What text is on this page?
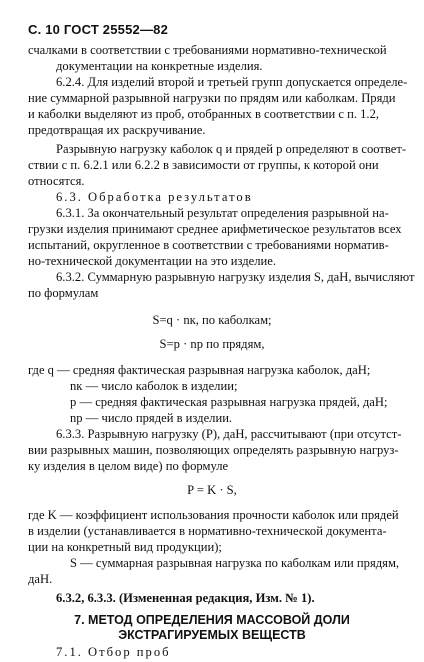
С. 10 ГОСТ 25552—82
счалками в соответствии с требованиями нормативно-технической
документации на конкретные изделия.
6.2.4. Для изделий второй и третьей групп допускается определе-
ние суммарной разрывной нагрузки по прядям или каболкам. Пряди
и каболки выделяют из проб, отобранных в соответствии с п. 1.2,
предотвращая их раскручивание.
Разрывную нагрузку каболок q и прядей p определяют в соответ-
ствии с п. 6.2.1 или 6.2.2 в зависимости от группы, к которой они
относятся.
6.3. Обработка результатов
6.3.1. За окончательный результат определения разрывной на-
грузки изделия принимают среднее арифметическое результатов всех
испытаний, округленное в соответствии с требованиями норматив-
но-технической документации на это изделие.
6.3.2. Суммарную разрывную нагрузку изделия S, даН, вычисляют
по формулам
S=q · nк, по каболкам;
S=p · nр по прядям,
где q — средняя фактическая разрывная нагрузка каболок, даН;
nк — число каболок в изделии;
p — средняя фактическая разрывная нагрузка прядей, даН;
nр — число прядей в изделии.
6.3.3. Разрывную нагрузку (P), даН, рассчитывают (при отсутст-
вии разрывных машин, позволяющих определять разрывную нагруз-
ку изделия в целом виде) по формуле
P = K · S,
где K — коэффициент использования прочности каболок или прядей
в изделии (устанавливается в нормативно-технической документа-
ции на конкретный вид продукции);
S — суммарная разрывная нагрузка по каболкам или прядям,
даН.
6.3.2, 6.3.3. (Измененная редакция, Изм. № 1).
7. МЕТОД ОПРЕДЕЛЕНИЯ МАССОВОЙ ДОЛИ
ЭКСТРАГИРУЕМЫХ ВЕЩЕСТВ
7.1. Отбор проб
